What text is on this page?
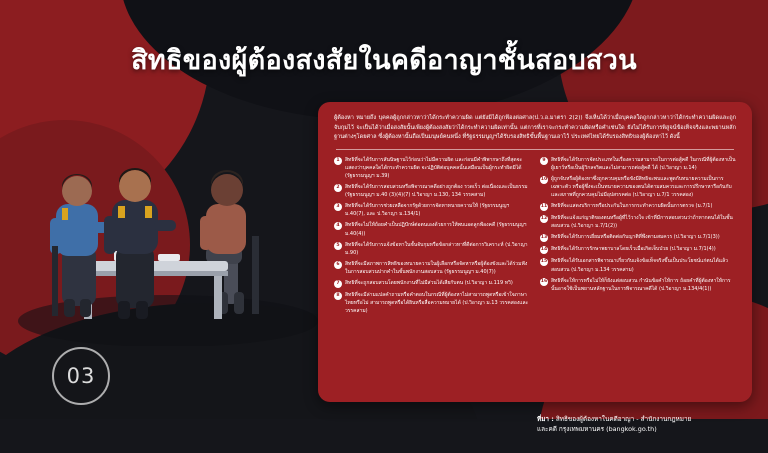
สิทธิของผู้ต้องสงสัยในคดีอาญาชั้นสอบสวน
03
ผู้ต้องหา หมายถึง บุคคลผู้ถูกกล่าวหาว่าได้กระทำความผิด แต่ยังมิได้ถูกฟ้องต่อศาล(ป.ว.อ.มาตรา 2(2)) จึงเห็นได้ว่าเมื่อบุคคลใดถูกกล่าวหาว่าได้กระทำความผิดและถูกจับกุมไว้ จะเป็นได้ว่าเมื่อสงสัยนั้นเพียงผู้ต้องสงสัยว่าได้กระทำความผิดเท่านั้น แต่การที่เราจะกระทำความผิดหรือคำเช่นใด ยังไม่ได้รับการพิสูจน์ข้อเท็จจริงและพยานหลักฐานต่างๆโดยศาล ซึ่งผู้ต้องหานั้นถือเป็นมนุษย์คนหนึ่ง ที่รัฐธรรมนูญฯได้รับรองสิทธิขั้นพื้นฐานเอาไว้ ประเทศไทยได้รับรองสิทธิของผู้ต้องหาไว้ ดังนี้
1	สิทธิที่จะได้รับการสันนิษฐานไว้ก่อนว่าไม่มีความผิด และก่อนมีคำพิพากษาถึงที่สุดจะแสดงว่าบุคคลใดได้กระทำความผิด จะปฏิบัติต่อบุคคลนั้นเสมือนเป็นผู้กระทำผิดมิได้ (รัฐธรรมนูญฯ ม.39)
2	สิทธิที่จะได้รับการสอบสวนหรือพิจารณาคดีอย่างถูกต้อง รวดเร็ว ต่อเนื่องและเป็นธรรม (รัฐธรรมนูญฯ ม.40 (3)(4)(7) ป.วิอาญา ม.130, 134 วรรคสาม)
3	สิทธิที่จะได้รับการช่วยเหลือจากรัฐด้วยการจัดหาทนายความให้ (รัฐธรรมนูญฯ ม.40(7), และ ป.วิอาญา ม.134/1)
4	สิทธิที่จะไม่ให้ถ้อยคำเป็นปฏิปักษ์ต่อตนเองด้วยการให้พบแอดลูกฟ้องคดี (รัฐธรรมนูญฯ ม.40(4))
5	สิทธิที่จะได้รับการแจ้งข้อหาในชั้นจับกุมหรือข้อกล่าวหาที่ดีต่อการวิเคราะห์ (ป.วิอาญา ม.90)
6	สิทธิที่จะมีสภาพการสิทธิของทนายความในผู้เลือกหรือจัดหาหรือผู้ต้องขังและได้ร่วมฟังในการสอบสวนปากคำในชั้นพนักงานสอบสวน (รัฐธรรมนูญฯ ม.40(7))
7	สิทธิที่จะถูกสอบสวนโดยพนักงานที่ไม่มีส่วนได้เสียกับตน (ป.วิอาญา ม.119 ทวิ)
8	สิทธิที่จะมีล่ามแปลคำถามหรือคำตอบในกรณีที่ผู้ต้องหาไม่สามารถพูดหรือเข้าใจภาษาไทยหรือไม่ สามารถพูดหรือได้ยินหรือสื่อความหมายได้ (ป.วิอาญา ม.13 วรรคสองและวรรคสาม)
9	สิทธิที่จะได้รับการจัดประเภทในเรื่องความสามารถในการต่อสู้คดี ในกรณีที่ผู้ต้องหาเป็นผู้เยาว์หรือเป็นผู้วิกลจริตและไม่สามารถต่อสู้คดี ได้ (ป.วิอาญา ม.14)
10 ผู้ถูกจับหรือผู้ต้องหาซึ่งถูกควบคุมหรือขังมีสิทธิจะพบและพูดกับทนายความเป็นการเฉพาะตัว หรือผู้ซึ่งจะเป็นทนายความของตนได้ตามสมควรและการปรึกษาหารือกันกับและสภาพที่ถูกควบคุมไม่มีอุปสรรคต่อ (ป.วิอาญา ม.7/1 วรรคสอง)
11 สิทธิที่จะแสดงบริการหรือประกันในการกระทำความผิดนั้นการตรวจ (ม.7/1)
12 สิทธิที่จะแจ้งแก่ญาติของตนหรือผู้ที่ไว้วางใจ เข้าที่มีการสอบสวนว่าถ้าหากตนได้ในชั้นสอบสวน (ป.วิอาญา ม.7/1(2))
13 สิทธิที่จะได้รับการเยี่ยมหรือติดต่อกับญาติที่พึงตามสมควร (ป.วิอาญา ม.7/1(3))
14 สิทธิที่จะได้รับการรักษาพยาบาลโดยเร็วเมื่อเกิดเจ็บป่วย (ป.วิอาญา ม.7/1(4))
15 สิทธิที่จะได้รับเอกสารพิจารณาเกี่ยวกับแจ้งข้อเท็จจริงขึ้นเป็นประโยชน์แก่ตนได้แล้วสอบสวน (ป.วิอาญา ม.134 วรรคสาม)
16 สิทธิที่จะให้การหรือไม่ให้ก็ยังแต่สอบสวน กำนันข้อคำให้การ ถ้อยคำที่ผู้ต้องหาให้การนั้นอาจใช้เป็นพยานหลักฐานในการพิจารณาคดีได้ (ป.วิอาญา ม.134/4(1))
ที่มา : สิทธิของผู้ต้องหาในคดีอาญา - สำนักงานกฎหมาย
และคดี กรุงเทพมหานคร (bangkok.go.th)
